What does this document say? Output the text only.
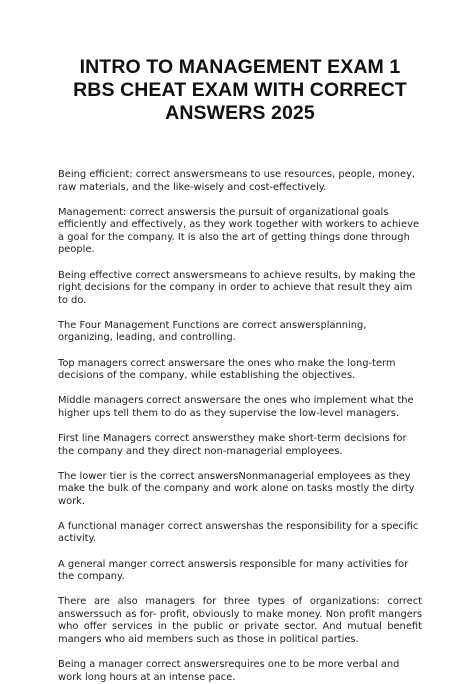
INTRO TO MANAGEMENT EXAM 1 RBS CHEAT EXAM WITH CORRECT ANSWERS 2025

Being efficient: correct answersmeans to use resources, people, money, raw materials, and the like-wisely and cost-effectively.

Management: correct answersis the pursuit of organizational goals efficiently and effectively, as they work together with workers to achieve a goal for the company. It is also the art of getting things done through people.

Being effective correct answersmeans to achieve results, by making the right decisions for the company in order to achieve that result they aim to do.

The Four Management Functions are correct answersplanning, organizing, leading, and controlling.

Top managers correct answersare the ones who make the long-term decisions of the company, while establishing the objectives.

Middle managers correct answersare the ones who implement what the higher ups tell them to do as they supervise the low-level managers.

First line Managers correct answersthey make short-term decisions for the company and they direct non-managerial employees.

The lower tier is the correct answersNonmanagerial employees as they make the bulk of the company and work alone on tasks mostly the dirty work.

A functional manager correct answershas the responsibility for a specific activity.

A general manger correct answersis responsible for many activities for the company.

There are also managers for three types of organizations: correct answerssuch as for- profit, obviously to make money. Non profit mangers who offer services in the public or private sector. And mutual benefit mangers who aid members such as those in political parties.

Being a manager correct answersrequires one to be more verbal and work long hours at an intense pace.
